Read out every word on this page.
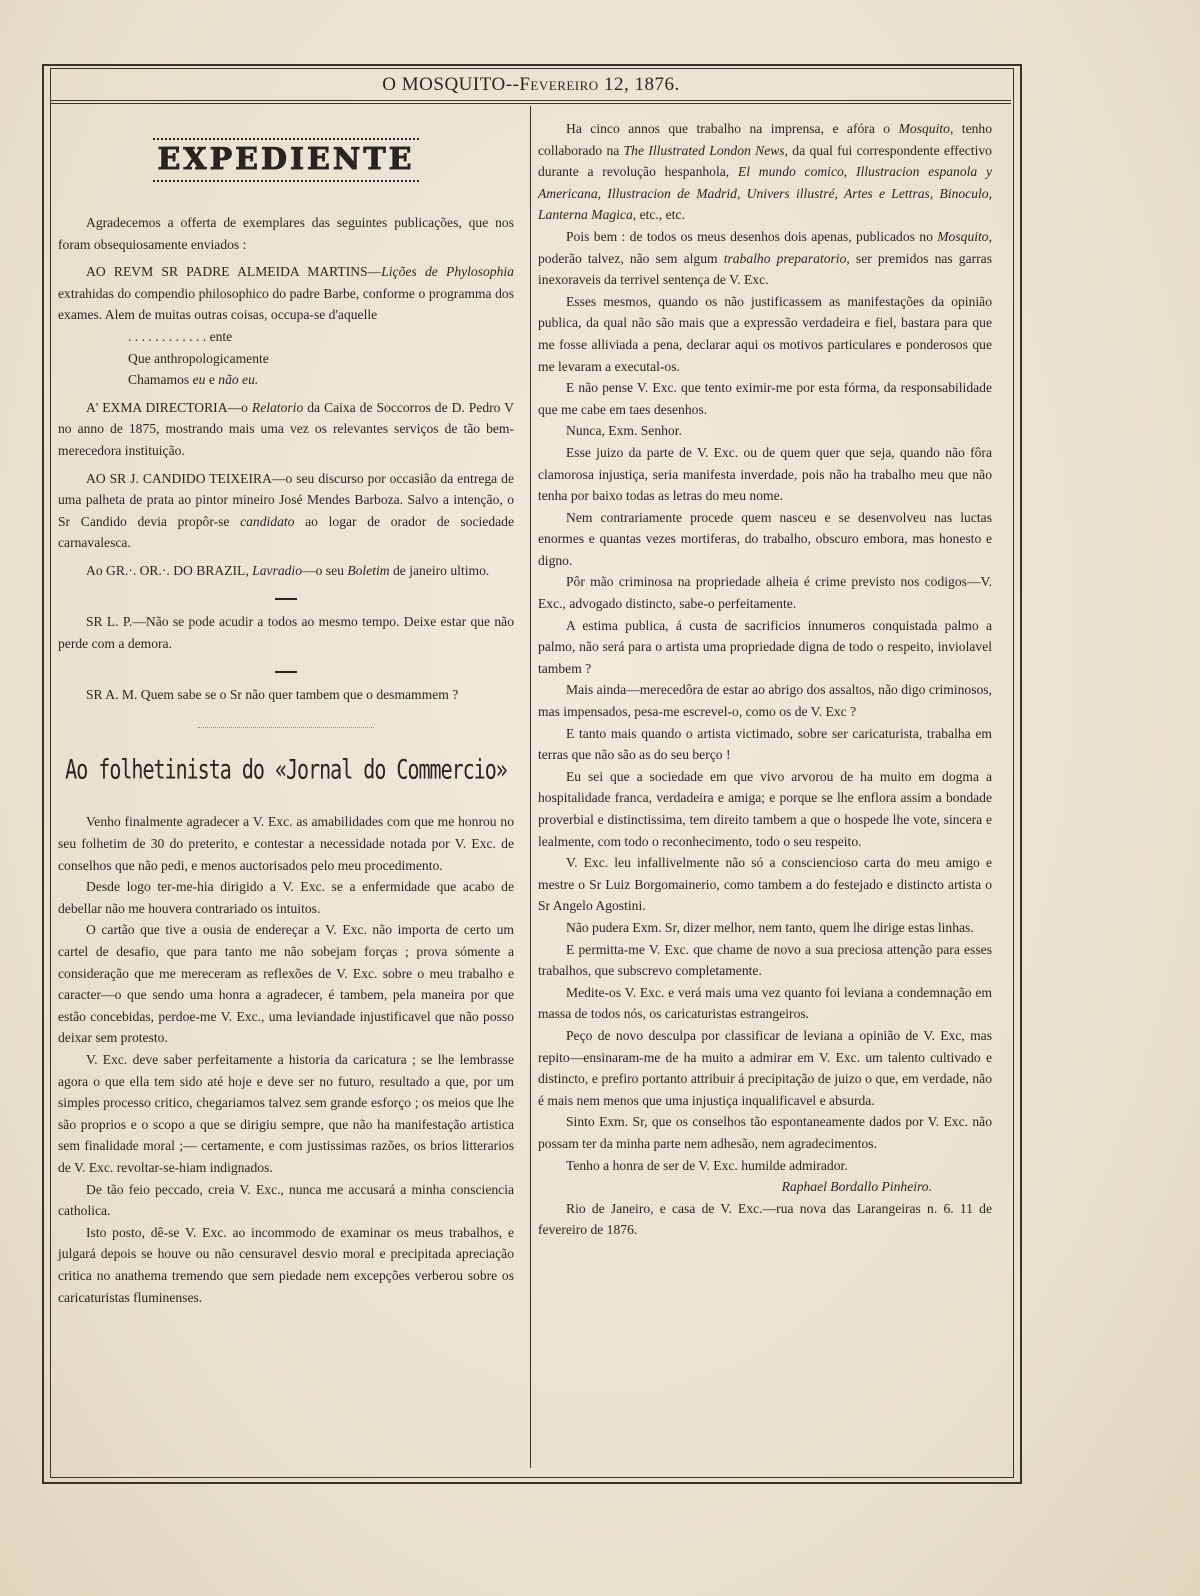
O MOSQUITO--Fevereiro 12, 1876.
EXPEDIENTE

Agradecemos a offerta de exemplares das seguintes publicações, que nos foram obsequiosamente enviados :

AO REVM SR PADRE ALMEIDA MARTINS—Lições de Phylosophia extrahidas do compendio philosophico do padre Barbe, conforme o programma dos exames. Alem de muitas outras coisas, occupa-se d'aquelle

. . . . . . . . . . . . ente

Que anthropologicamente

Chamamos eu e não eu.

A' EXMA DIRECTORIA—o Relatorio da Caixa de Soccorros de D. Pedro V no anno de 1875, mostrando mais uma vez os relevantes serviços de tão bem-merecedora instituição.

AO SR J. CANDIDO TEIXEIRA—o seu discurso por occasião da entrega de uma palheta de prata ao pintor mineiro José Mendes Barboza. Salvo a intenção, o Sr Candido devia propôr-se candidato ao logar de orador de sociedade carnavalesca.

Ao GR.·. OR.·. DO BRAZIL, Lavradio—o seu Boletim de janeiro ultimo.

SR L. P.—Não se pode acudir a todos ao mesmo tempo. Deixe estar que não perde com a demora.

SR A. M. Quem sabe se o Sr não quer tambem que o desmammem ?

Ao folhetinista do «Jornal do Commercio»

Venho finalmente agradecer a V. Exc. as amabilidades com que me honrou no seu folhetim de 30 do preterito, e contestar a necessidade notada por V. Exc. de conselhos que não pedi, e menos auctorisados pelo meu procedimento.

Desde logo ter-me-hia dirigido a V. Exc. se a enfermidade que acabo de debellar não me houvera contrariado os intuitos.

O cartão que tive a ousia de endereçar a V. Exc. não importa de certo um cartel de desafio, que para tanto me não sobejam forças ; prova sómente a consideração que me mereceram as reflexões de V. Exc. sobre o meu trabalho e caracter—o que sendo uma honra a agradecer, é tambem, pela maneira por que estão concebidas, perdoe-me V. Exc., uma leviandade injustificavel que não posso deixar sem protesto.

V. Exc. deve saber perfeitamente a historia da caricatura ; se lhe lembrasse agora o que ella tem sido até hoje e deve ser no futuro, resultado a que, por um simples processo critico, chegariamos talvez sem grande esforço ; os meios que lhe são proprios e o scopo a que se dirigiu sempre, que não ha manifestação artistica sem finalidade moral ;— certamente, e com justissimas razões, os brios litterarios de V. Exc. revoltar-se-hiam indignados.

De tão feio peccado, creia V. Exc., nunca me accusará a minha consciencia catholica.

Isto posto, dê-se V. Exc. ao incommodo de examinar os meus trabalhos, e julgará depois se houve ou não censuravel desvio moral e precipitada apreciação critica no anathema tremendo que sem piedade nem excepções verberou sobre os caricaturistas fluminenses.

Ha cinco annos que trabalho na imprensa, e afóra o Mosquito, tenho collaborado na The Illustrated London News, da qual fui correspondente effectivo durante a revolução hespanhola, El mundo comico, Illustracion espanola y Americana, Illustracion de Madrid, Univers illustré, Artes e Lettras, Binoculo, Lanterna Magica, etc., etc.

Pois bem : de todos os meus desenhos dois apenas, publicados no Mosquito, poderão talvez, não sem algum trabalho preparatorio, ser premidos nas garras inexoraveis da terrivel sentença de V. Exc.

Esses mesmos, quando os não justificassem as manifestações da opinião publica, da qual não são mais que a expressão verdadeira e fiel, bastara para que me fosse alliviada a pena, declarar aqui os motivos particulares e ponderosos que me levaram a executal-os.

E não pense V. Exc. que tento eximir-me por esta fórma, da responsabilidade que me cabe em taes desenhos.

Nunca, Exm. Senhor.

Esse juizo da parte de V. Exc. ou de quem quer que seja, quando não fôra clamorosa injustiça, seria manifesta inverdade, pois não ha trabalho meu que não tenha por baixo todas as letras do meu nome.

Nem contrariamente procede quem nasceu e se desenvolveu nas luctas enormes e quantas vezes mortiferas, do trabalho, obscuro embora, mas honesto e digno.

Pôr mão criminosa na propriedade alheia é crime previsto nos codigos—V. Exc., advogado distincto, sabe-o perfeitamente.

A estima publica, á custa de sacrificios innumeros conquistada palmo a palmo, não será para o artista uma propriedade digna de todo o respeito, inviolavel tambem ?

Mais ainda—merecedôra de estar ao abrigo dos assaltos, não digo criminosos, mas impensados, pesa-me escrevel-o, como os de V. Exc ?

E tanto mais quando o artista victimado, sobre ser caricaturista, trabalha em terras que não são as do seu berço !

Eu sei que a sociedade em que vivo arvorou de ha muito em dogma a hospitalidade franca, verdadeira e amiga; e porque se lhe enflora assim a bondade proverbial e distinctissima, tem direito tambem a que o hospede lhe vote, sincera e lealmente, com todo o reconhecimento, todo o seu respeito.

V. Exc. leu infallivelmente não só a consciencioso carta do meu amigo e mestre o Sr Luiz Borgomainerio, como tambem a do festejado e distincto artista o Sr Angelo Agostini.

Não pudera Exm. Sr, dizer melhor, nem tanto, quem lhe dirige estas linhas.

E permitta-me V. Exc. que chame de novo a sua preciosa attenção para esses trabalhos, que subscrevo completamente.

Medite-os V. Exc. e verá mais uma vez quanto foi leviana a condemnação em massa de todos nós, os caricaturistas estrangeiros.

Peço de novo desculpa por classificar de leviana a opinião de V. Exc, mas repito—ensinaram-me de ha muito a admirar em V. Exc. um talento cultivado e distincto, e prefiro portanto attribuir á precipitação de juizo o que, em verdade, não é mais nem menos que uma injustiça inqualificavel e absurda.

Sinto Exm. Sr, que os conselhos tão espontaneamente dados por V. Exc. não possam ter da minha parte nem adhesão, nem agradecimentos.

Tenho a honra de ser de V. Exc. humilde admirador.

Raphael Bordallo Pinheiro.

Rio de Janeiro, e casa de V. Exc.—rua nova das Larangeiras n. 6. 11 de fevereiro de 1876.
